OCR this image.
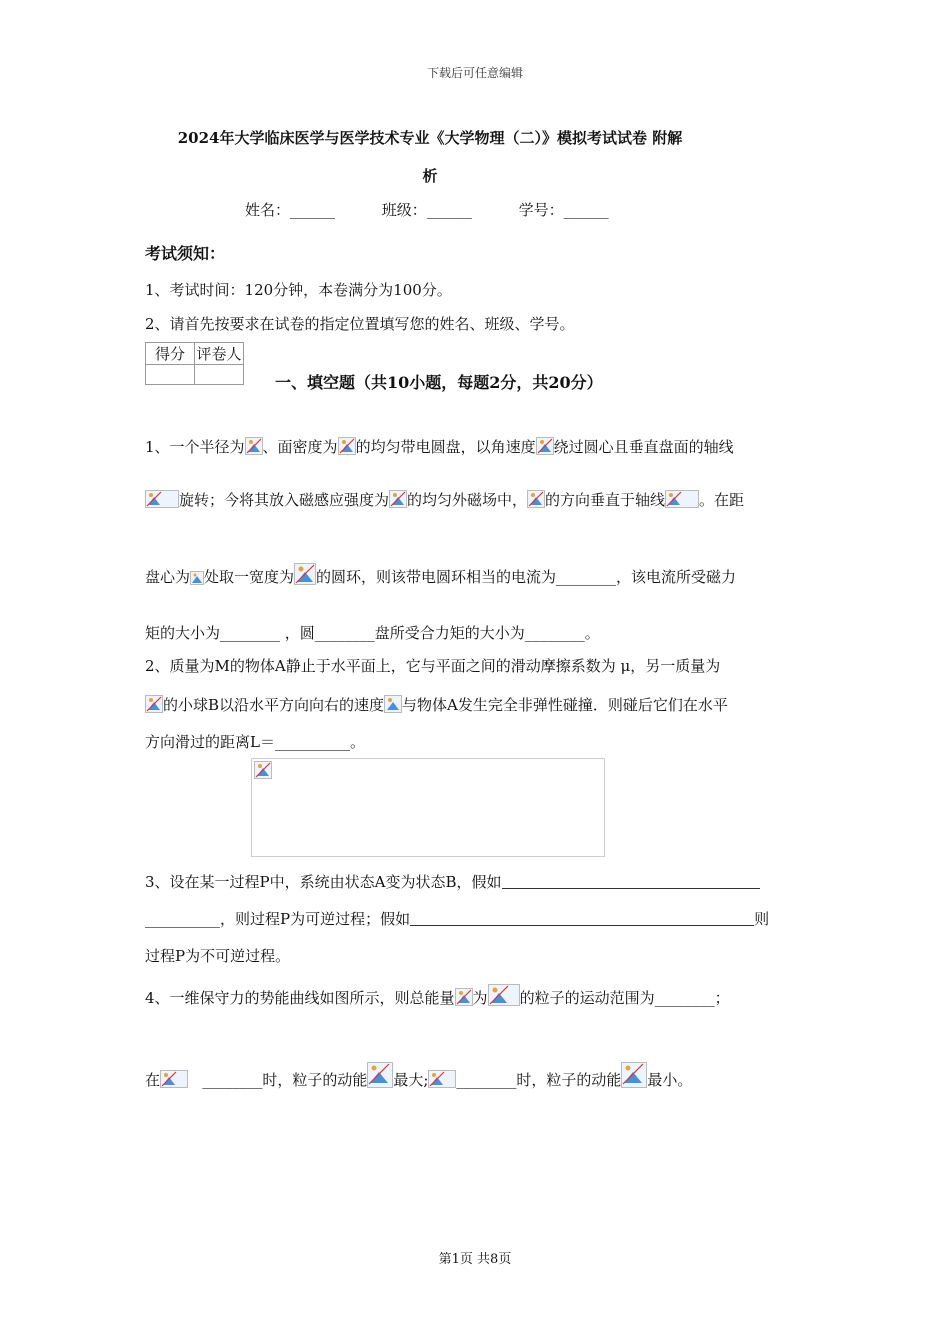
下载后可任意编辑
2024年大学临床医学与医学技术专业《大学物理（二）》模拟考试试卷 附解
析
姓名：______	班级：______	学号：______
考试须知：
1、考试时间：120分钟，本卷满分为100分。
2、请首先按要求在试卷的指定位置填写您的姓名、班级、学号。
得分	评卷人

一、填空题（共10小题，每题2分，共20分）
1、一个半径为 、面密度为 的均匀带电圆盘，以角速度 绕过圆心且垂直盘面的轴线
旋转；今将其放入磁感应强度为 的均匀外磁场中， 的方向垂直于轴线 。在距
盘心为 处取一宽度为 的圆环，则该带电圆环相当的电流为________，该电流所受磁力
矩的大小为________ ，圆________盘所受合力矩的大小为________。
2、质量为M的物体A静止于水平面上，它与平面之间的滑动摩擦系数为 μ，另一质量为
的小球B以沿水平方向向右的速度 与物体A发生完全非弹性碰撞．则碰后它们在水平
方向滑过的距离L＝__________。
3、设在某一过程P中，系统由状态A变为状态B，假如
__________，则过程P为可逆过程；假如	则
过程P为不可逆过程。
4、一维保守力的势能曲线如图所示，则总能量 为 的粒子的运动范围为________；
在	________时，粒子的动能 最大; ________时，粒子的动能 最小。
第1页 共8页
